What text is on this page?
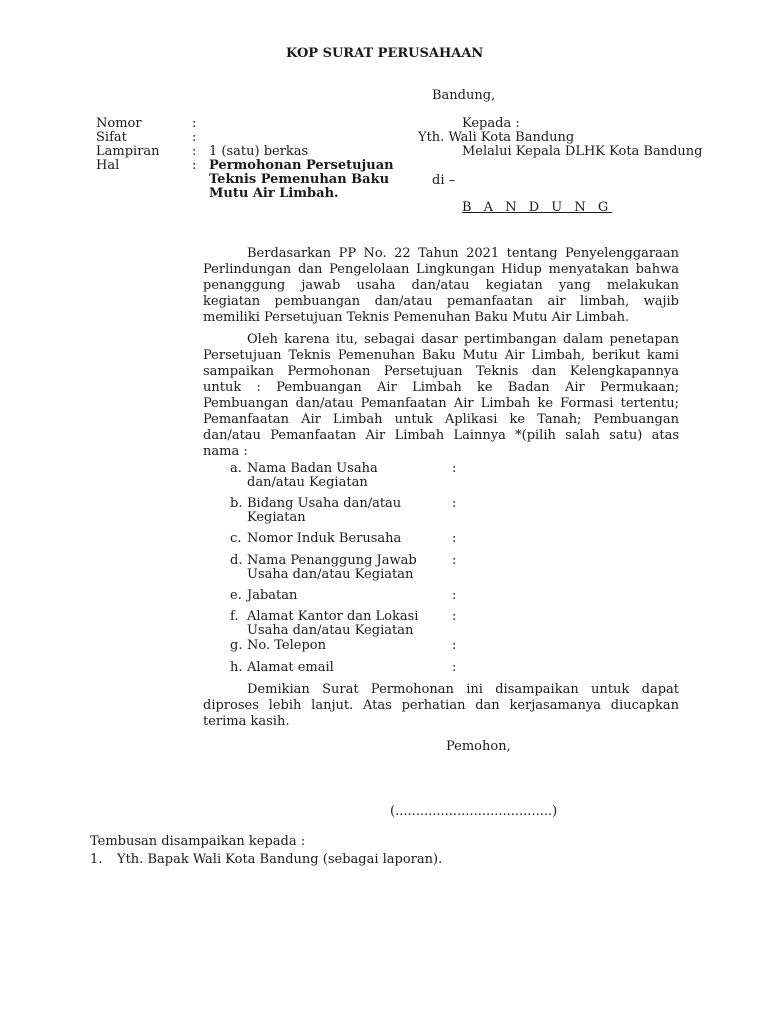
KOP SURAT PERUSAHAAN
Bandung,
Nomor	:
Sifat	:
Lampiran : 1 (satu) berkas
Hal	: Permohonan Persetujuan
Teknis Pemenuhan Baku
Mutu Air Limbah.
Kepada :
Yth. Wali Kota Bandung
Melalui Kepala DLHK Kota Bandung
di –
B A N D U N G
Berdasarkan PP No. 22 Tahun 2021 tentang Penyelenggaraan
Perlindungan dan Pengelolaan Lingkungan Hidup menyatakan bahwa
penanggung jawab usaha dan/atau kegiatan yang melakukan
kegiatan pembuangan dan/atau pemanfaatan air limbah, wajib
memiliki Persetujuan Teknis Pemenuhan Baku Mutu Air Limbah.
Oleh karena itu, sebagai dasar pertimbangan dalam penetapan
Persetujuan Teknis Pemenuhan Baku Mutu Air Limbah, berikut kami
sampaikan Permohonan Persetujuan Teknis dan Kelengkapannya
untuk : Pembuangan Air Limbah ke Badan Air Permukaan;
Pembuangan dan/atau Pemanfaatan Air Limbah ke Formasi tertentu;
Pemanfaatan Air Limbah untuk Aplikasi ke Tanah; Pembuangan
dan/atau Pemanfaatan Air Limbah Lainnya *(pilih salah satu) atas
nama :
a. Nama Badan Usaha
dan/atau Kegiatan
:
b. Bidang Usaha dan/atau
Kegiatan
:
c. Nomor Induk Berusaha	:
d. Nama Penanggung Jawab
Usaha dan/atau Kegiatan
:
e. Jabatan	:
f. Alamat Kantor dan Lokasi
Usaha dan/atau Kegiatan
:
g. No. Telepon	:
h. Alamat email	:
Demikian Surat Permohonan ini disampaikan untuk dapat
diproses lebih lanjut. Atas perhatian dan kerjasamanya diucapkan
terima kasih.
Pemohon,
(......................................)
Tembusan disampaikan kepada :
1. Yth. Bapak Wali Kota Bandung (sebagai laporan).
